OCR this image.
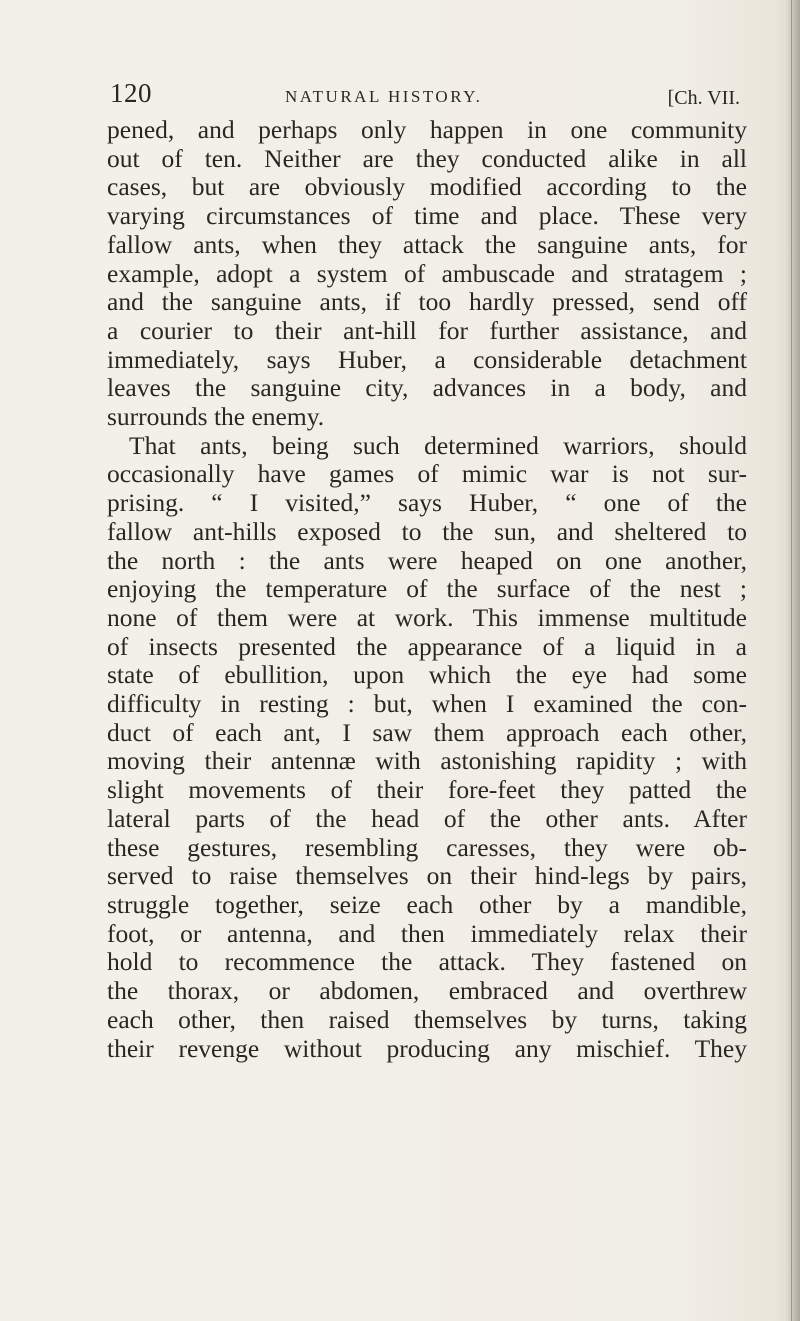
120	NATURAL HISTORY.	[Ch. VII.
pened, and perhaps only happen in one community
out of ten. Neither are they conducted alike in all
cases, but are obviously modified according to the
varying circumstances of time and place. These very
fallow ants, when they attack the sanguine ants, for
example, adopt a system of ambuscade and stratagem ;
and the sanguine ants, if too hardly pressed, send off
a courier to their ant-hill for further assistance, and
immediately, says Huber, a considerable detachment
leaves the sanguine city, advances in a body, and
surrounds the enemy.
That ants, being such determined warriors, should
occasionally have games of mimic war is not sur-
prising. “ I visited,” says Huber, “ one of the
fallow ant-hills exposed to the sun, and sheltered to
the north : the ants were heaped on one another,
enjoying the temperature of the surface of the nest ;
none of them were at work. This immense multitude
of insects presented the appearance of a liquid in a
state of ebullition, upon which the eye had some
difficulty in resting : but, when I examined the con-
duct of each ant, I saw them approach each other,
moving their antennæ with astonishing rapidity ; with
slight movements of their fore-feet they patted the
lateral parts of the head of the other ants. After
these gestures, resembling caresses, they were ob-
served to raise themselves on their hind-legs by pairs,
struggle together, seize each other by a mandible,
foot, or antenna, and then immediately relax their
hold to recommence the attack. They fastened on
the thorax, or abdomen, embraced and overthrew
each other, then raised themselves by turns, taking
their revenge without producing any mischief. They
